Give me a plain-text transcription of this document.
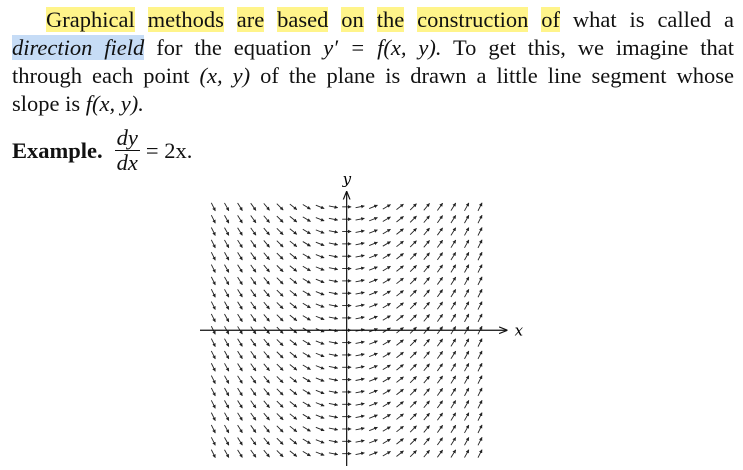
Graphical methods are based on the construction of what is called a
direction field for the equation y′ = f(x, y). To get this, we imagine that
through each point (x, y) of the plane is drawn a little line segment whose
slope is f(x, y).
Example. $\frac{dy}{dx} = 2x$.
x
y
